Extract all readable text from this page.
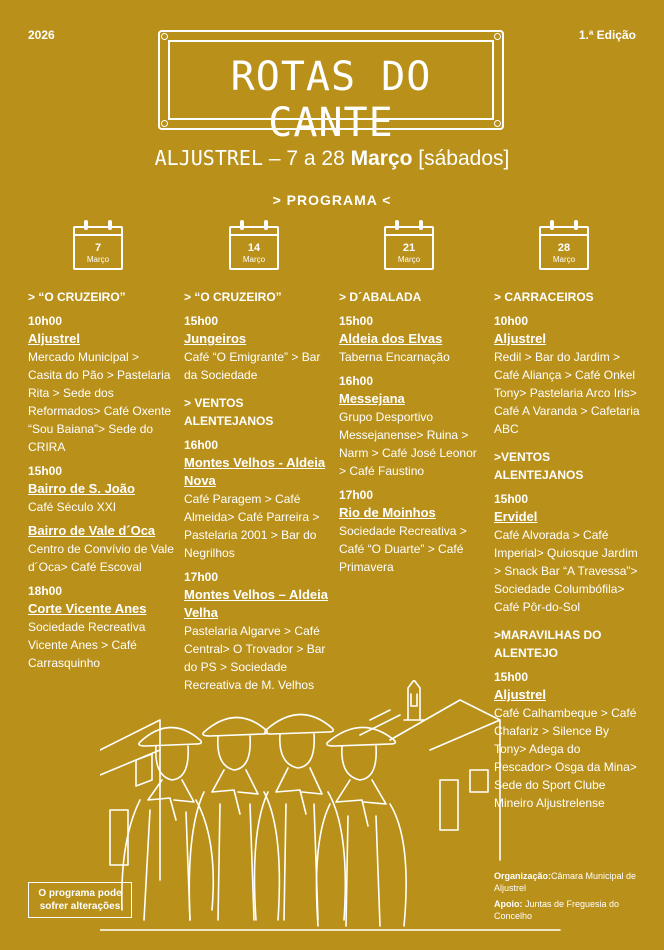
2026	1.ª Edição
ROTAS DO CANTE
ALJUSTREL – 7 a 28 Março [sábados]
> PROGRAMA <
7
Março
> “O CRUZEIRO”
10h00
Aljustrel
Mercado Municipal > Casita do Pão > Pastelaria Rita > Sede dos Reformados> Café Oxente “Sou Baiana”> Sede do CRIRA
15h00
Bairro de S. João
Café Século XXI
Bairro de Vale d´Oca
Centro de Convívio de Vale d´Oca> Café Escoval
18h00
Corte Vicente Anes
Sociedade Recreativa Vicente Anes > Café Carrasquinho
14
Março
> “O CRUZEIRO”
15h00
Jungeiros
Café “O Emigrante” > Bar da Sociedade
> VENTOS ALENTEJANOS
16h00
Montes Velhos - Aldeia Nova
Café Paragem > Café Almeida> Café Parreira > Pastelaria 2001 > Bar do Negrilhos
17h00
Montes Velhos – Aldeia Velha
Pastelaria Algarve > Café Central> O Trovador > Bar do PS > Sociedade Recreativa de M. Velhos
21
Março
> D´ABALADA
15h00
Aldeia dos Elvas
Taberna Encarnação
16h00
Messejana
Grupo Desportivo Messejanense> Ruina > Narm > Café José Leonor > Café Faustino
17h00
Rio de Moinhos
Sociedade Recreativa > Café “O Duarte” > Café Primavera
28
Março
> CARRACEIROS
10h00
Aljustrel
Redil > Bar do Jardim > Café Aliança > Café Onkel Tony> Pastelaria Arco Iris> Café A Varanda > Cafetaria ABC
>VENTOS ALENTEJANOS
15h00
Ervidel
Café Alvorada > Café Imperial> Quiosque Jardim > Snack Bar “A Travessa”> Sociedade Columbófila> Café Pôr-do-Sol
>MARAVILHAS DO ALENTEJO
15h00
Aljustrel
Café Calhambeque > Café Chafariz > Silence By Tony> Adega do Pescador> Osga da Mina> Sede do Sport Clube Mineiro Aljustrelense
O programa pode sofrer alterações
Organização:Câmara Municipal de Aljustrel
Apoio: Juntas de Freguesia do Concelho
